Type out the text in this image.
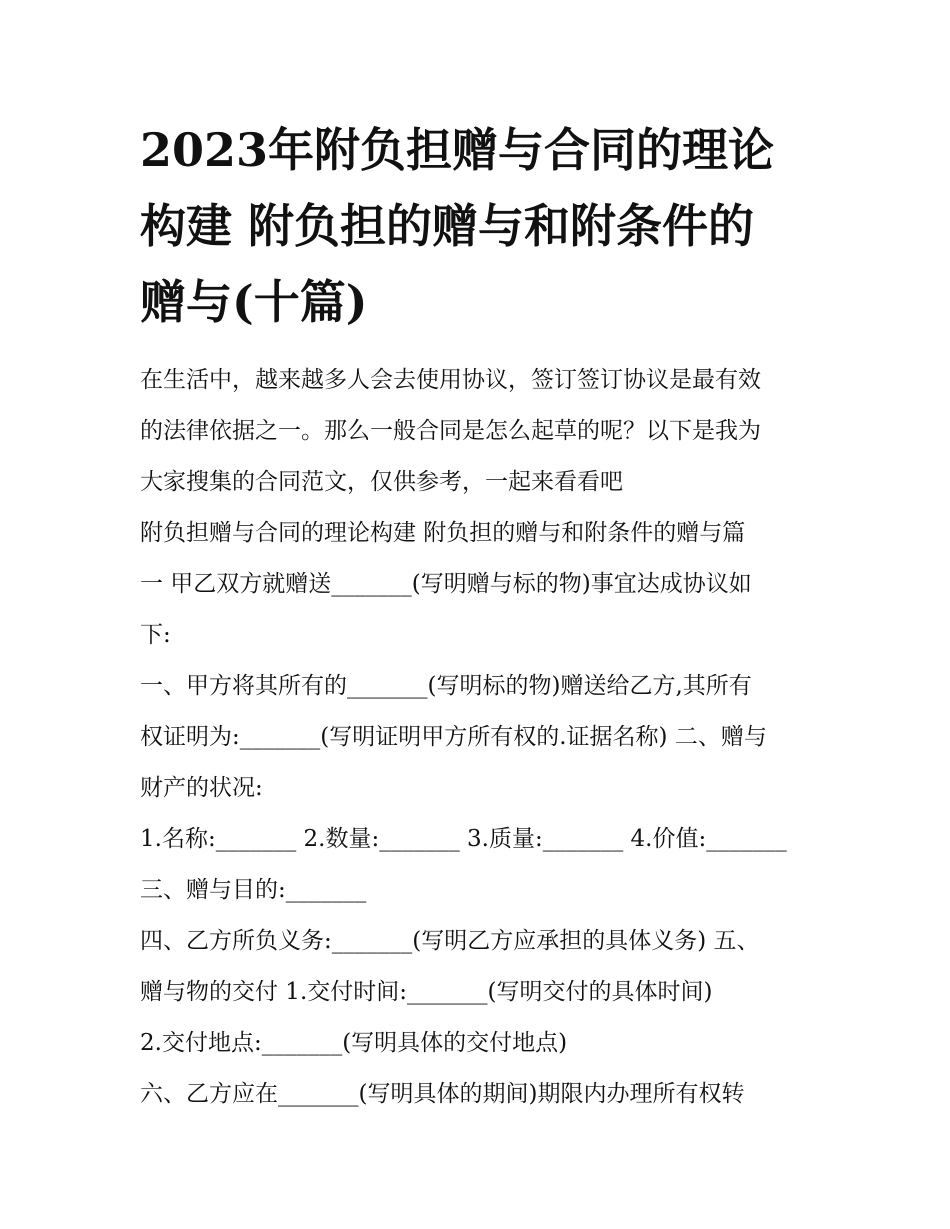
2023年附负担赠与合同的理论
构建 附负担的赠与和附条件的
赠与(十篇)
在生活中，越来越多人会去使用协议，签订签订协议是最有效
的法律依据之一。那么一般合同是怎么起草的呢？以下是我为
大家搜集的合同范文，仅供参考，一起来看看吧
附负担赠与合同的理论构建 附负担的赠与和附条件的赠与篇
一 甲乙双方就赠送_______(写明赠与标的物)事宜达成协议如
下:
一、甲方将其所有的_______(写明标的物)赠送给乙方,其所有
权证明为:_______(写明证明甲方所有权的.证据名称) 二、赠与
财产的状况:
1.名称:_______ 2.数量:_______ 3.质量:_______ 4.价值:_______
三、赠与目的:_______
四、乙方所负义务:_______(写明乙方应承担的具体义务) 五、
赠与物的交付 1.交付时间:_______(写明交付的具体时间)
2.交付地点:_______(写明具体的交付地点)
六、乙方应在_______(写明具体的期间)期限内办理所有权转
